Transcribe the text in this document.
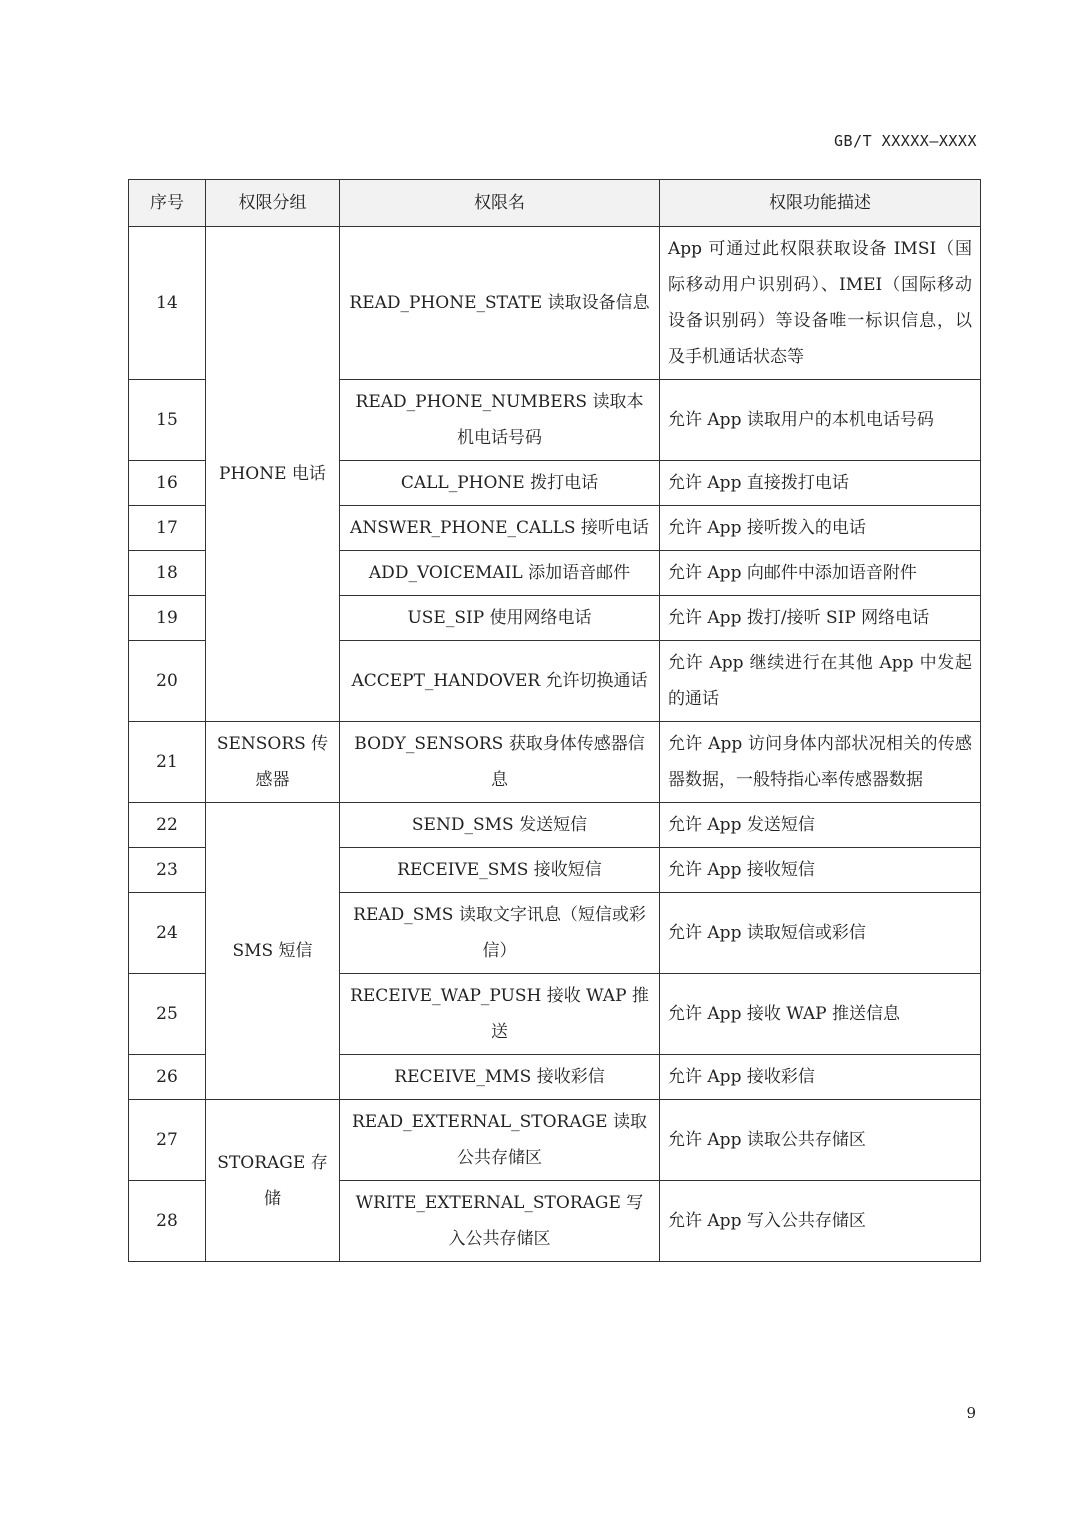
GB/T XXXXX—XXXX
序号	权限分组	权限名	权限功能描述
14	PHONE 电话	READ_PHONE_STATE 读取设备信息	App 可通过此权限获取设备 IMSI（国际移动用户识别码）、IMEI（国际移动设备识别码）等设备唯一标识信息，以及手机通话状态等
15		READ_PHONE_NUMBERS 读取本机电话号码	允许 App 读取用户的本机电话号码
16		CALL_PHONE 拨打电话	允许 App 直接拨打电话
17		ANSWER_PHONE_CALLS 接听电话	允许 App 接听拨入的电话
18		ADD_VOICEMAIL 添加语音邮件	允许 App 向邮件中添加语音附件
19		USE_SIP 使用网络电话	允许 App 拨打/接听 SIP 网络电话
20		ACCEPT_HANDOVER 允许切换通话	允许 App 继续进行在其他 App 中发起的通话
21	SENSORS 传感器	BODY_SENSORS 获取身体传感器信息	允许 App 访问身体内部状况相关的传感器数据，一般特指心率传感器数据
22	SMS 短信	SEND_SMS 发送短信	允许 App 发送短信
23		RECEIVE_SMS 接收短信	允许 App 接收短信
24		READ_SMS 读取文字讯息（短信或彩信）	允许 App 读取短信或彩信
25		RECEIVE_WAP_PUSH 接收 WAP 推送	允许 App 接收 WAP 推送信息
26		RECEIVE_MMS 接收彩信	允许 App 接收彩信
27	STORAGE 存储	READ_EXTERNAL_STORAGE 读取公共存储区	允许 App 读取公共存储区
28		WRITE_EXTERNAL_STORAGE 写入公共存储区	允许 App 写入公共存储区
9
